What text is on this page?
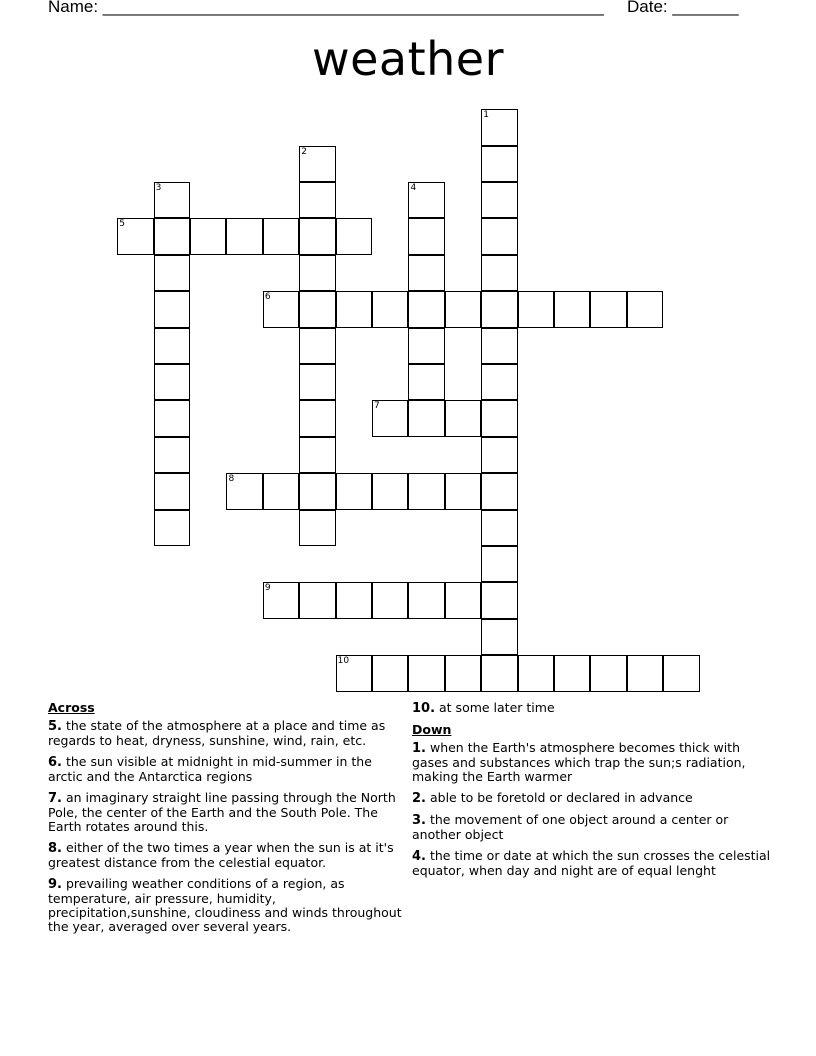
Name: _____________________________________________________ Date: _______
weather
1
2
3	4
5
6
7
8
9
10
Across
5. the state of the atmosphere at a place and time as regards to heat, dryness, sunshine, wind, rain, etc.
6. the sun visible at midnight in mid-summer in the arctic and the Antarctica regions
7. an imaginary straight line passing through the North Pole, the center of the Earth and the South Pole. The Earth rotates around this.
8. either of the two times a year when the sun is at it's greatest distance from the celestial equator.
9. prevailing weather conditions of a region, as temperature, air pressure, humidity, precipitation,sunshine, cloudiness and winds throughout the year, averaged over several years.
10. at some later time
Down
1. when the Earth's atmosphere becomes thick with gases and substances which trap the sun;s radiation, making the Earth warmer
2. able to be foretold or declared in advance
3. the movement of one object around a center or another object
4. the time or date at which the sun crosses the celestial equator, when day and night are of equal lenght
